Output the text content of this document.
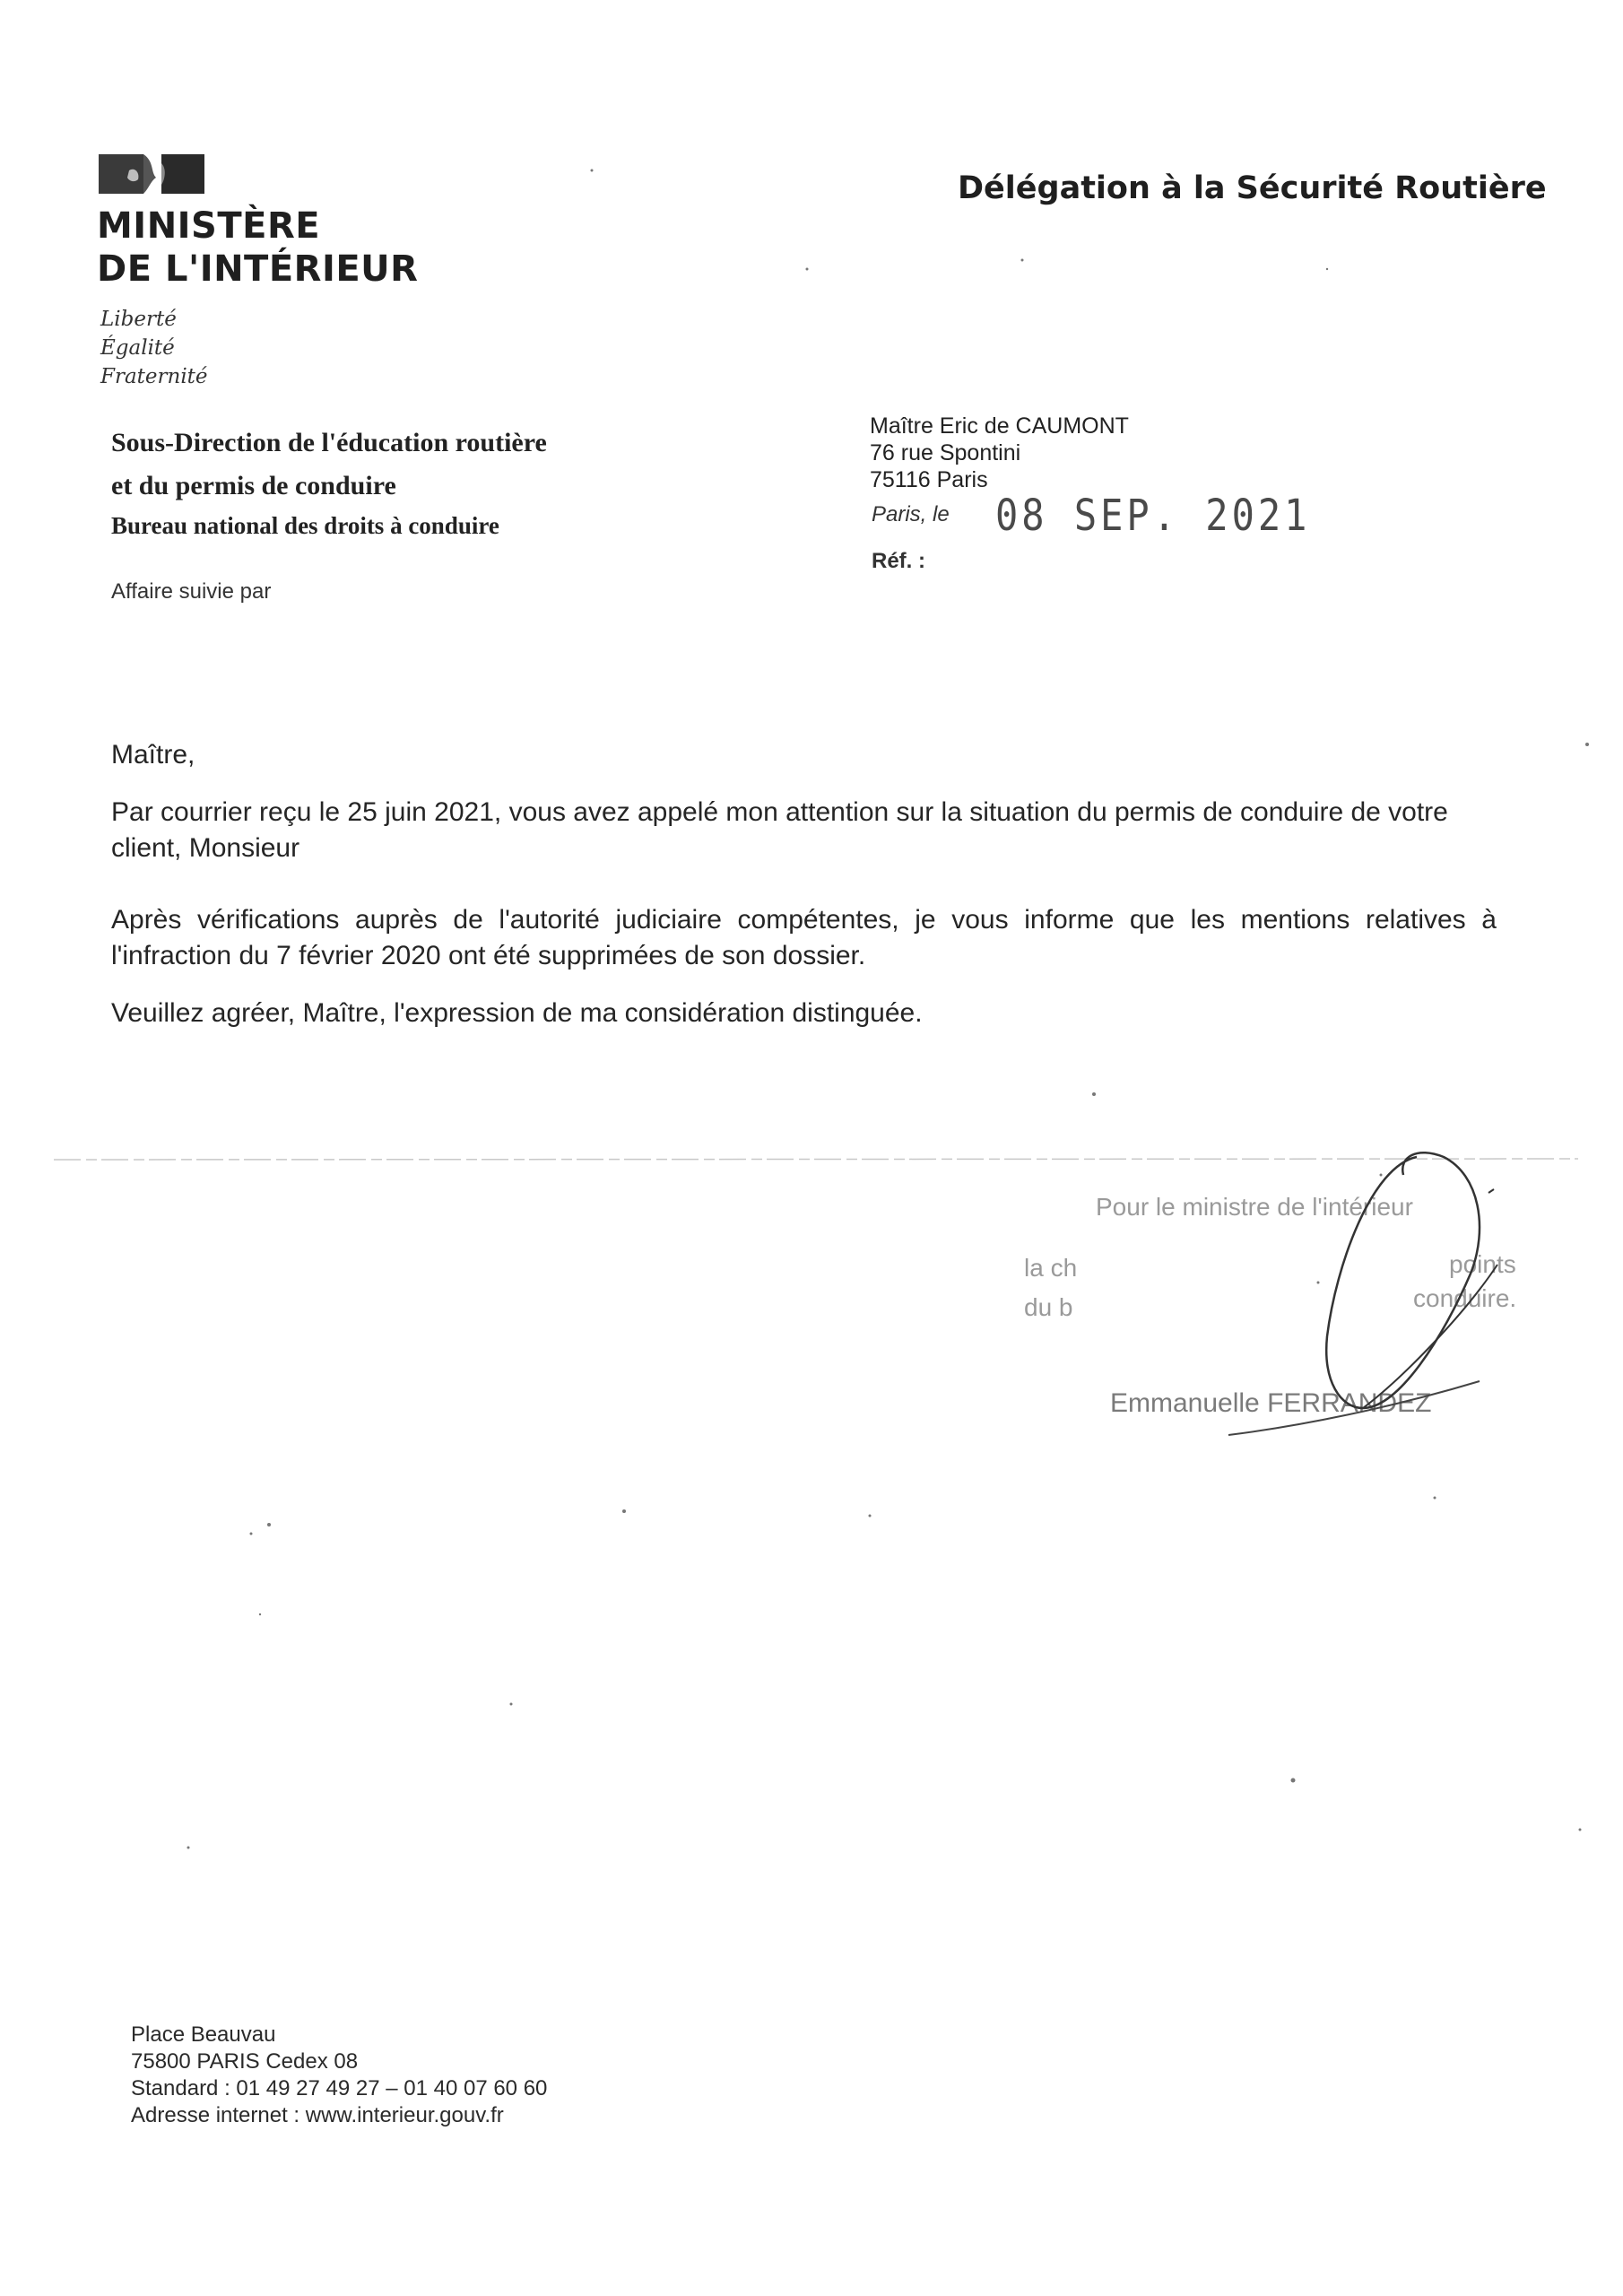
MINISTÈRE
DE L'INTÉRIEUR
Liberté
Égalité
Fraternité
Délégation à la Sécurité Routière
Sous-Direction de l'éducation routière
et du permis de conduire
Bureau national des droits à conduire
Affaire suivie par
Maître Eric de CAUMONT
76 rue Spontini
75116 Paris
Paris, le 08 SEP. 2021
Réf. :
Maître,
Par courrier reçu le 25 juin 2021, vous avez appelé mon attention sur la situation du permis de conduire de votre client, Monsieur
Après vérifications auprès de l'autorité judiciaire compétentes, je vous informe que les mentions relatives à l'infraction du 7 février 2020 ont été supprimées de son dossier.
Veuillez agréer, Maître, l'expression de ma considération distinguée.
Pour le ministre de l'intérieur
la ch	points
du b	conduire.
Emmanuelle FERRANDEZ
Place Beauvau
75800 PARIS Cedex 08
Standard : 01 49 27 49 27 – 01 40 07 60 60
Adresse internet : www.interieur.gouv.fr
